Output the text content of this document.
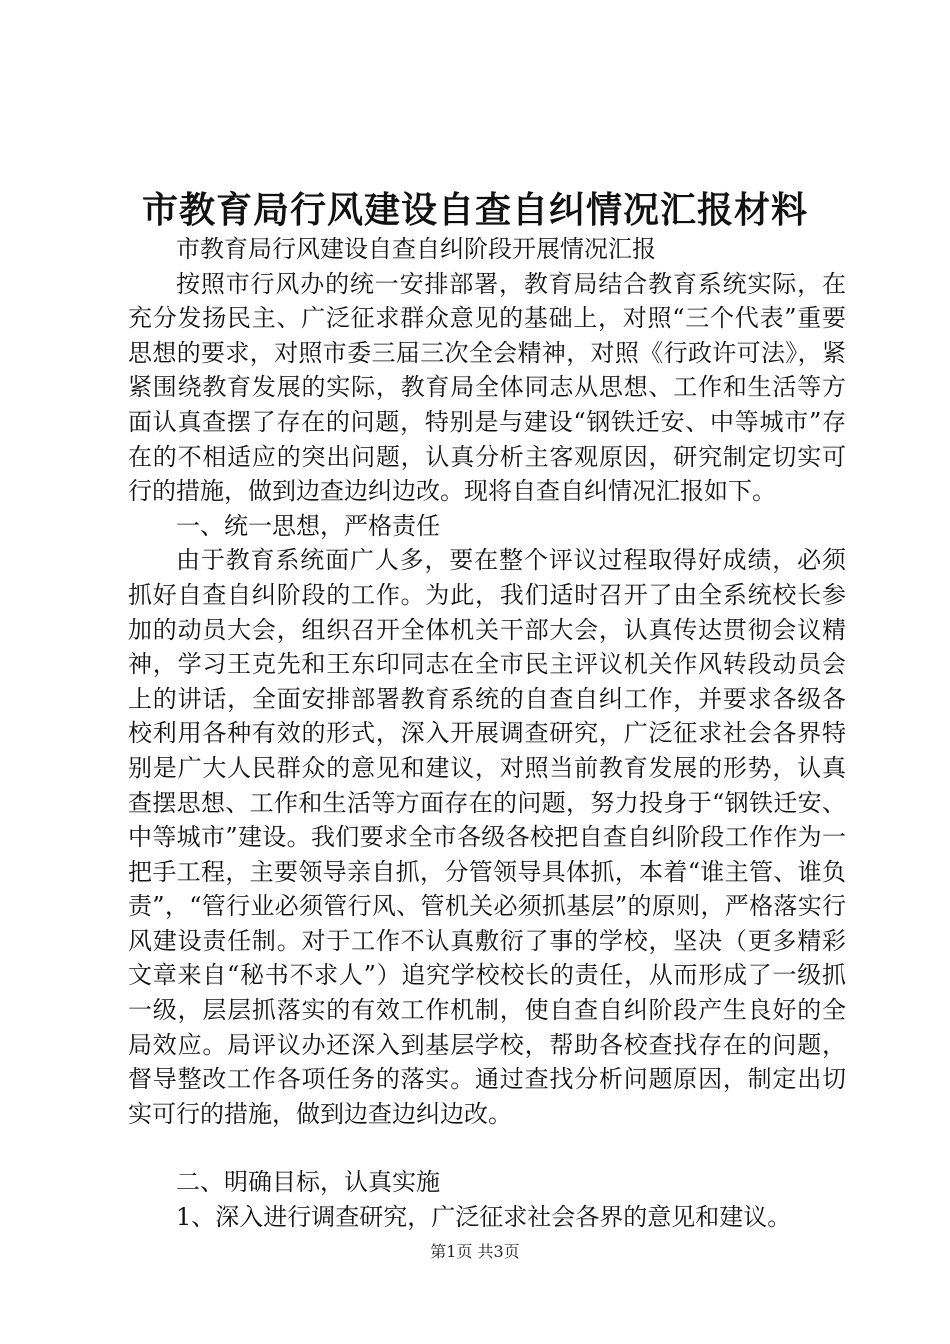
市教育局行风建设自查自纠情况汇报材料

市教育局行风建设自查自纠阶段开展情况汇报

按照市行风办的统一安排部署，教育局结合教育系统实际，在充分发扬民主、广泛征求群众意见的基础上，对照“三个代表”重要思想的要求，对照市委三届三次全会精神，对照《行政许可法》，紧紧围绕教育发展的实际，教育局全体同志从思想、工作和生活等方面认真查摆了存在的问题，特别是与建设“钢铁迁安、中等城市”存在的不相适应的突出问题，认真分析主客观原因，研究制定切实可行的措施，做到边查边纠边改。现将自查自纠情况汇报如下。

一、统一思想，严格责任

由于教育系统面广人多，要在整个评议过程取得好成绩，必须抓好自查自纠阶段的工作。为此，我们适时召开了由全系统校长参加的动员大会，组织召开全体机关干部大会，认真传达贯彻会议精神，学习王克先和王东印同志在全市民主评议机关作风转段动员会上的讲话，全面安排部署教育系统的自查自纠工作，并要求各级各校利用各种有效的形式，深入开展调查研究，广泛征求社会各界特别是广大人民群众的意见和建议，对照当前教育发展的形势，认真查摆思想、工作和生活等方面存在的问题，努力投身于“钢铁迁安、中等城市”建设。我们要求全市各级各校把自查自纠阶段工作作为一把手工程，主要领导亲自抓，分管领导具体抓，本着“谁主管、谁负责”，“管行业必须管行风、管机关必须抓基层”的原则，严格落实行风建设责任制。对于工作不认真敷衍了事的学校，坚决（更多精彩文章来自“秘书不求人”）追究学校校长的责任，从而形成了一级抓一级，层层抓落实的有效工作机制，使自查自纠阶段产生良好的全局效应。局评议办还深入到基层学校，帮助各校查找存在的问题，督导整改工作各项任务的落实。通过查找分析问题原因，制定出切实可行的措施，做到边查边纠边改。

二、明确目标，认真实施

1、深入进行调查研究，广泛征求社会各界的意见和建议。

第1页 共3页
